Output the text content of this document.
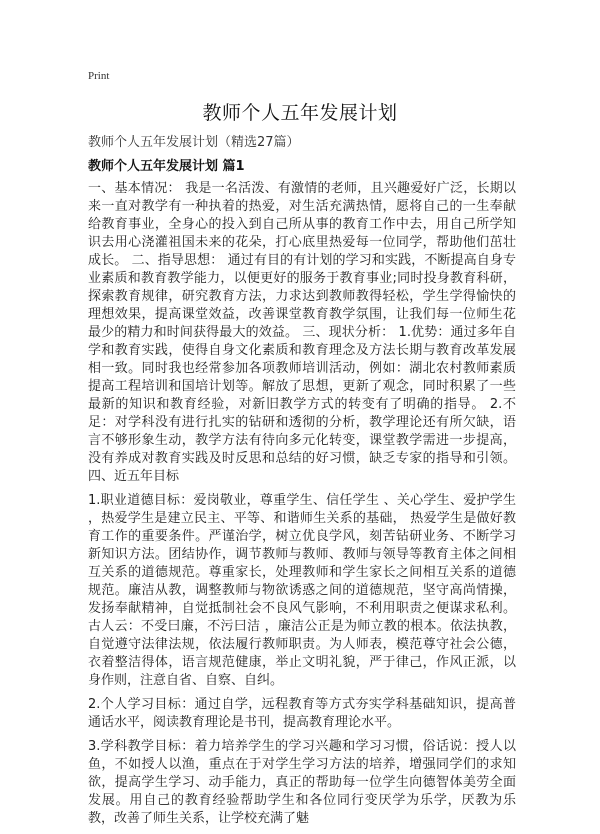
Print
教师个人五年发展计划
教师个人五年发展计划（精选27篇）
教师个人五年发展计划 篇1

一、基本情况： 我是一名活泼、有激情的老师，且兴趣爱好广泛，长期以来一直对教学有一种执着的热爱，对生活充满热情，愿将自己的一生奉献给教育事业，全身心的投入到自己所从事的教育工作中去，用自己所学知识去用心浇灌祖国未来的花朵，打心底里热爱每一位同学，帮助他们茁壮成长。 二、指导思想： 通过有目的有计划的学习和实践，不断提高自身专业素质和教育教学能力，以便更好的服务于教育事业;同时投身教育科研，探索教育规律，研究教育方法，力求达到教师教得轻松，学生学得愉快的理想效果，提高课堂效益，改善课堂教育教学氛围，让我们每一位师生花最少的精力和时间获得最大的效益。 三、现状分析： 1.优势：通过多年自学和教育实践，使得自身文化素质和教育理念及方法长期与教育改革发展相一致。同时我也经常参加各项教师培训活动，例如：湖北农村教师素质提高工程培训和国培计划等。解放了思想，更新了观念，同时积累了一些最新的知识和教育经验，对新旧教学方式的转变有了明确的指导。 2.不足：对学科没有进行扎实的钻研和透彻的分析，教学理论还有所欠缺，语言不够形象生动，教学方法有待向多元化转变，课堂教学需进一步提高，没有养成对教育实践及时反思和总结的好习惯，缺乏专家的指导和引领。 四、近五年目标

1.职业道德目标：爱岗敬业，尊重学生、信任学生 、关心学生、爱护学生 ，热爱学生是建立民主、平等、和谐师生关系的基础， 热爱学生是做好教育工作的重要条件。严谨治学，树立优良学风，刻苦钻研业务、不断学习新知识方法。团结协作，调节教师与教师、教师与领导等教育主体之间相互关系的道德规范。尊重家长，处理教师和学生家长之间相互关系的道德规范。廉洁从教，调整教师与物欲诱惑之间的道德规范，坚守高尚情操，发扬奉献精神，自觉抵制社会不良风气影响，不利用职责之便谋求私利。 古人云：不受曰廉，不污曰洁 ，廉洁公正是为师立教的根本。依法执教，自觉遵守法律法规，依法履行教师职责。为人师表，模范尊守社会公德，衣着整洁得体，语言规范健康，举止文明礼貌，严于律己，作风正派，以身作则，注意自省、自察、自纠。

2.个人学习目标：通过自学，远程教育等方式夯实学科基础知识，提高普通话水平，阅读教育理论是书刊，提高教育理论水平。

3.学科教学目标：着力培养学生的学习兴趣和学习习惯，俗话说：授人以鱼，不如授人以渔，重点在于对学生学习方法的培养，增强同学们的求知欲，提高学生学习、动手能力，真正的帮助每一位学生向德智体美劳全面发展。用自己的教育经验帮助学生和各位同行变厌学为乐学，厌教为乐教，改善了师生关系，让学校充满了魅
